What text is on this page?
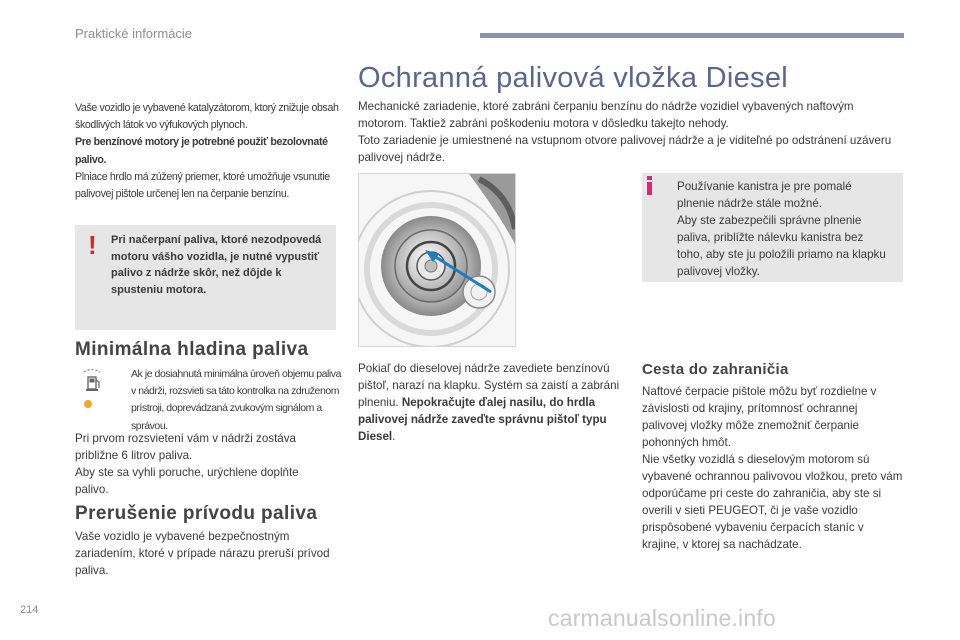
Praktické informácie

Vaše vozidlo je vybavené katalyzátorom, ktorý znižuje obsah škodlivých látok vo výfukových plynoch.

Pre benzínové motory je potrebné použiť bezolovnaté palivo.

Plniace hrdlo má zúžený priemer, ktoré umožňuje vsunutie palivovej pištole určenej len na čerpanie benzínu.

! Pri načerpaní paliva, ktoré nezodpovedá motoru vášho vozidla, je nutné vypustiť palivo z nádrže skôr, než dôjde k spusteniu motora.
Minimálna hladina paliva
Ak je dosiahnutá minimálna úroveň objemu paliva v nádrži, rozsvieti sa táto kontrolka na združenom prístroji, doprevádzaná zvukovým signálom a správou.
Pri prvom rozsvietení vám v nádrži zostáva približne 6 litrov paliva.
Aby ste sa vyhli poruche, urýchlene doplňte palivo.
Prerušenie prívodu paliva
Vaše vozidlo je vybavené bezpečnostným zariadením, ktoré v prípade nárazu preruší prívod paliva.
Ochranná palivová vložka Diesel
Mechanické zariadenie, ktoré zabráni čerpaniu benzínu do nádrže vozidiel vybavených naftovým motorom. Taktiež zabráni poškodeniu motora v dôsledku takejto nehody.
Toto zariadenie je umiestnené na vstupnom otvore palivovej nádrže a je viditeľné po odstránení uzáveru palivovej nádrže.
Používanie kanistra je pre pomalé plnenie nádrže stále možné.
Aby ste zabezpečili správne plnenie paliva, priblížte nálevku kanistra bez toho, aby ste ju položili priamo na klapku palivovej vložky.
Pokiaľ do dieselovej nádrže zavediete benzínovú pištoľ, narazí na klapku. Systém sa zaistí a zabráni plneniu. Nepokračujte ďalej nasilu, do hrdla palivovej nádrže zaveďte správnu pištoľ typu Diesel.
Cesta do zahraničia

Naftové čerpacie pištole môžu byť rozdielne v závislosti od krajiny, prítomnosť ochrannej palivovej vložky môže znemožniť čerpanie pohonných hmôt.

Nie všetky vozidlá s dieselovým motorom sú vybavené ochrannou palivovou vložkou, preto vám odporúčame pri ceste do zahraničia, aby ste si overili v sieti PEUGEOT, či je vaše vozidlo prispôsobené vybaveniu čerpacích staníc v krajine, v ktorej sa nachádzate.

214	carmanualsonline.info
